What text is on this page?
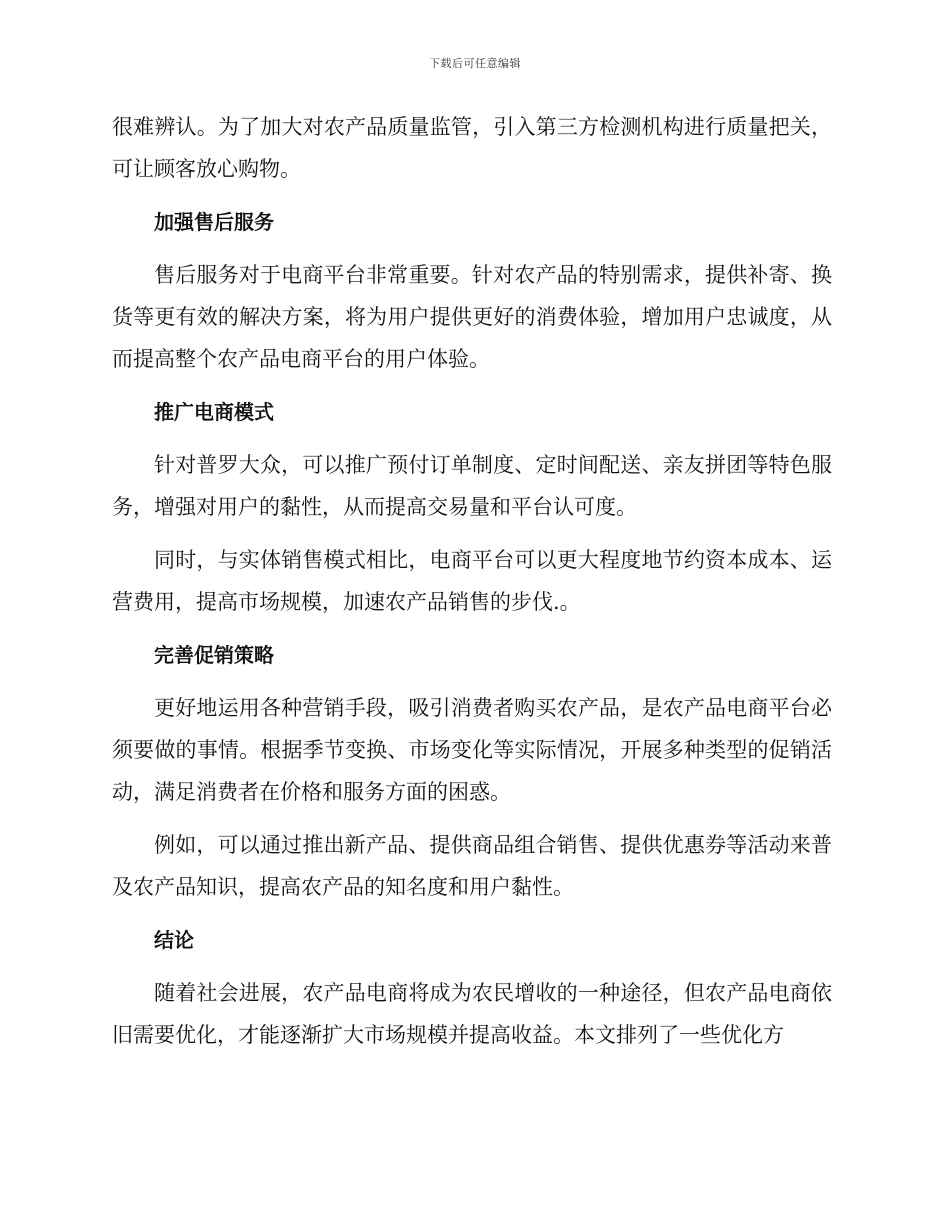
下载后可任意编辑

很难辨认。为了加大对农产品质量监管，引入第三方检测机构进行质量把关，可让顾客放心购物。

加强售后服务

售后服务对于电商平台非常重要。针对农产品的特别需求，提供补寄、换货等更有效的解决方案，将为用户提供更好的消费体验，增加用户忠诚度，从而提高整个农产品电商平台的用户体验。

推广电商模式

针对普罗大众，可以推广预付订单制度、定时间配送、亲友拼团等特色服务，增强对用户的黏性，从而提高交易量和平台认可度。

同时，与实体销售模式相比，电商平台可以更大程度地节约资本成本、运营费用，提高市场规模，加速农产品销售的步伐.。

完善促销策略

更好地运用各种营销手段，吸引消费者购买农产品，是农产品电商平台必须要做的事情。根据季节变换、市场变化等实际情况，开展多种类型的促销活动，满足消费者在价格和服务方面的困惑。

例如，可以通过推出新产品、提供商品组合销售、提供优惠券等活动来普及农产品知识，提高农产品的知名度和用户黏性。

结论

随着社会进展，农产品电商将成为农民增收的一种途径，但农产品电商依旧需要优化，才能逐渐扩大市场规模并提高收益。本文排列了一些优化方
